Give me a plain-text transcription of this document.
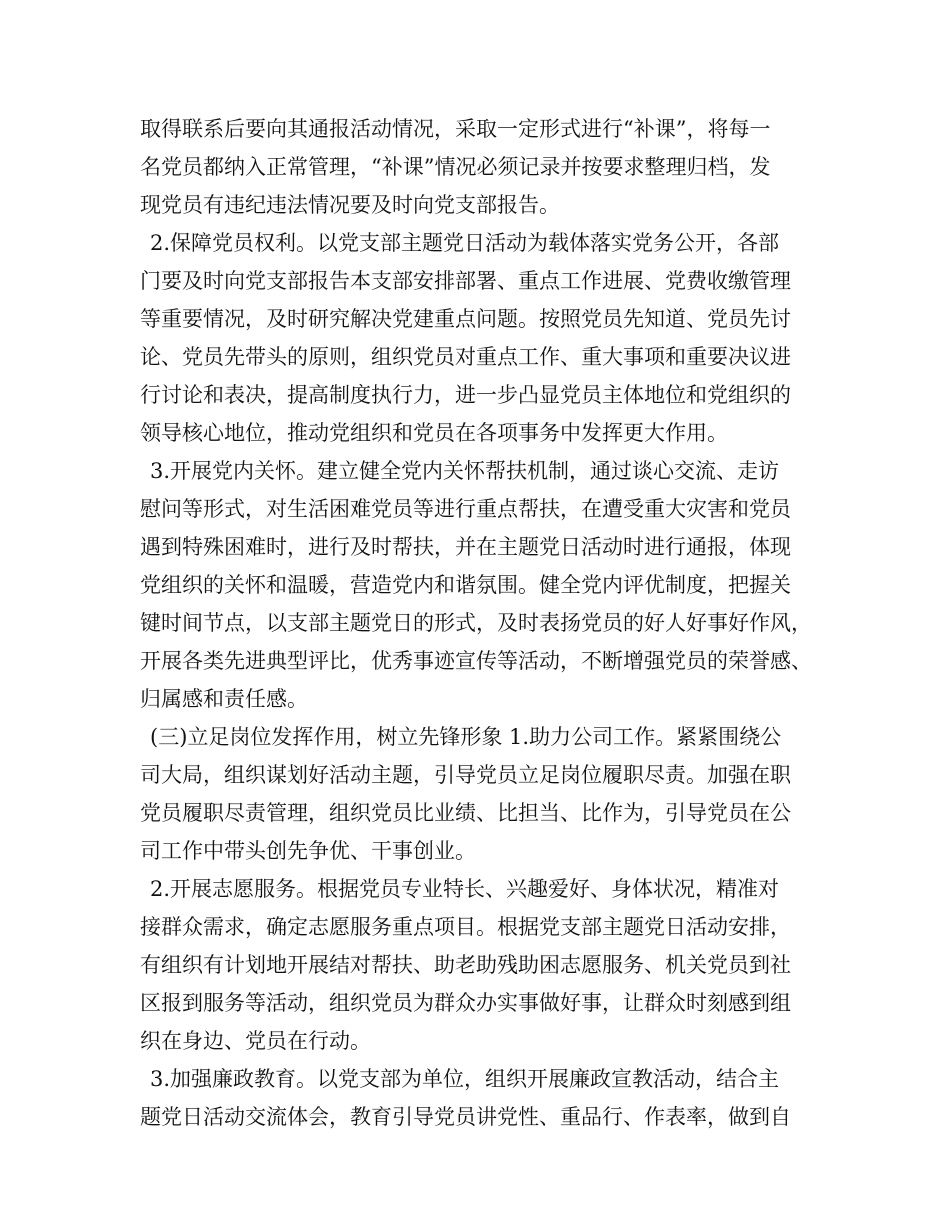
取得联系后要向其通报活动情况，采取一定形式进行“补课”，将每一
名党员都纳入正常管理，“补课”情况必须记录并按要求整理归档，发
现党员有违纪违法情况要及时向党支部报告。
2.保障党员权利。以党支部主题党日活动为载体落实党务公开，各部
门要及时向党支部报告本支部安排部署、重点工作进展、党费收缴管理
等重要情况，及时研究解决党建重点问题。按照党员先知道、党员先讨
论、党员先带头的原则，组织党员对重点工作、重大事项和重要决议进
行讨论和表决，提高制度执行力，进一步凸显党员主体地位和党组织的
领导核心地位，推动党组织和党员在各项事务中发挥更大作用。
3.开展党内关怀。建立健全党内关怀帮扶机制，通过谈心交流、走访
慰问等形式，对生活困难党员等进行重点帮扶，在遭受重大灾害和党员
遇到特殊困难时，进行及时帮扶，并在主题党日活动时进行通报，体现
党组织的关怀和温暖，营造党内和谐氛围。健全党内评优制度，把握关
键时间节点，以支部主题党日的形式，及时表扬党员的好人好事好作风，
开展各类先进典型评比，优秀事迹宣传等活动，不断增强党员的荣誉感、
归属感和责任感。
(三)立足岗位发挥作用，树立先锋形象 1.助力公司工作。紧紧围绕公
司大局，组织谋划好活动主题，引导党员立足岗位履职尽责。加强在职
党员履职尽责管理，组织党员比业绩、比担当、比作为，引导党员在公
司工作中带头创先争优、干事创业。
2.开展志愿服务。根据党员专业特长、兴趣爱好、身体状况，精准对
接群众需求，确定志愿服务重点项目。根据党支部主题党日活动安排，
有组织有计划地开展结对帮扶、助老助残助困志愿服务、机关党员到社
区报到服务等活动，组织党员为群众办实事做好事，让群众时刻感到组
织在身边、党员在行动。
3.加强廉政教育。以党支部为单位，组织开展廉政宣教活动，结合主
题党日活动交流体会，教育引导党员讲党性、重品行、作表率，做到自
